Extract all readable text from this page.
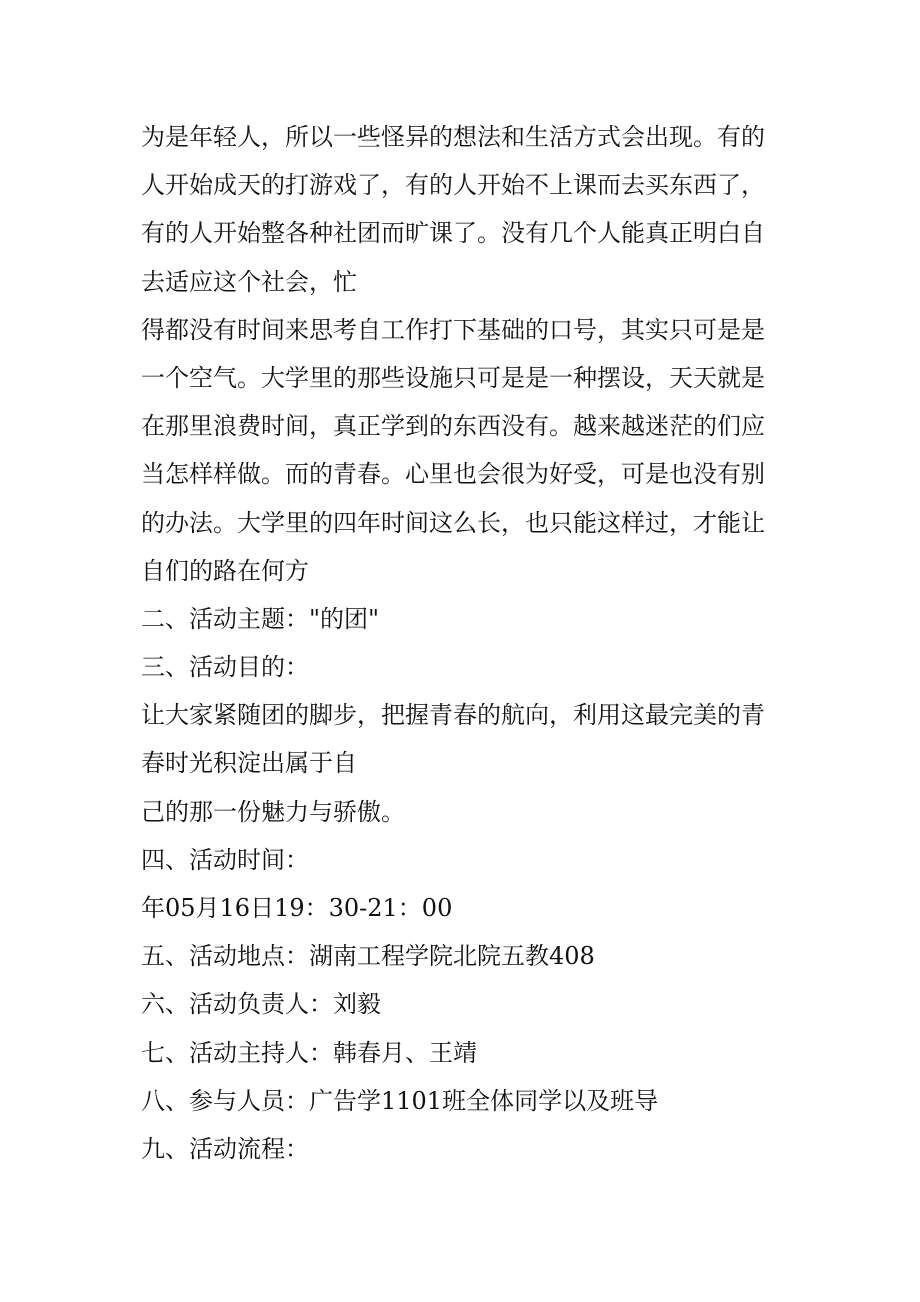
为是年轻人，所以一些怪异的想法和生活方式会出现。有的
人开始成天的打游戏了，有的人开始不上课而去买东西了，
有的人开始整各种社团而旷课了。没有几个人能真正明白自
去适应这个社会，忙
得都没有时间来思考自工作打下基础的口号，其实只可是是
一个空气。大学里的那些设施只可是是一种摆设，天天就是
在那里浪费时间，真正学到的东西没有。越来越迷茫的们应
当怎样样做。而的青春。心里也会很为好受，可是也没有别
的办法。大学里的四年时间这么长，也只能这样过，才能让
自们的路在何方
二、活动主题："的团"
三、活动目的：
让大家紧随团的脚步，把握青春的航向，利用这最完美的青
春时光积淀出属于自
己的那一份魅力与骄傲。
四、活动时间：
年05月16日19：30-21：00
五、活动地点：湖南工程学院北院五教408
六、活动负责人：刘毅
七、活动主持人：韩春月、王靖
八、参与人员：广告学1101班全体同学以及班导
九、活动流程：
